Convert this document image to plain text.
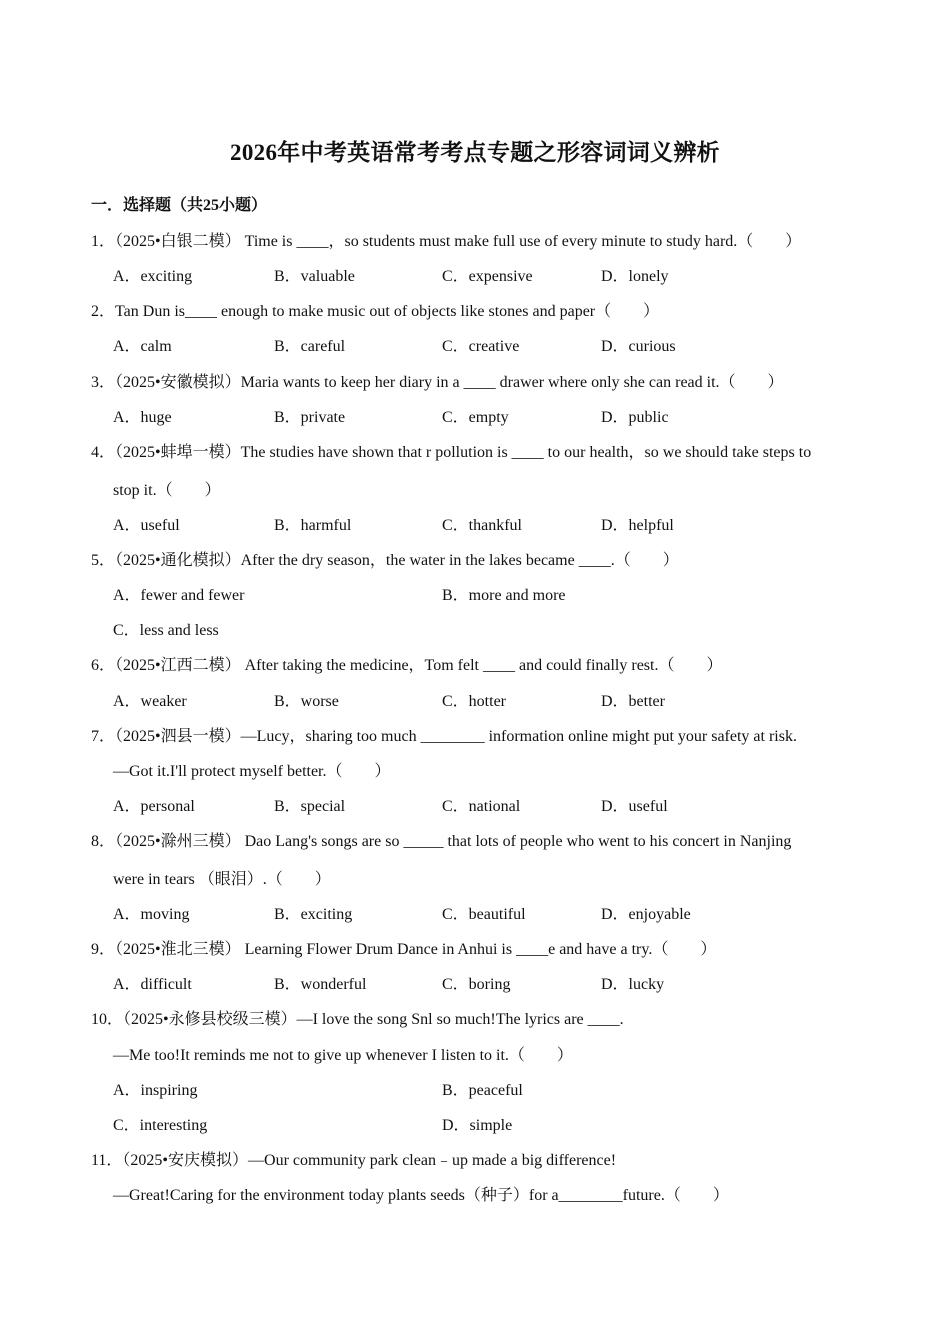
2026年中考英语常考考点专题之形容词词义辨析
一．选择题（共25小题）
1．（2025•白银二模） Time is ____，so students must make full use of every minute to study hard.（　　）
A．exciting	B．valuable	C．expensive	D．lonely
2．Tan Dun is____ enough to make music out of objects like stones and paper（　　）
A．calm	B．careful	C．creative	D．curious
3．（2025•安徽模拟）Maria wants to keep her diary in a ____ drawer where only she can read it.（　　）
A．huge	B．private	C．empty	D．public
4．（2025•蚌埠一模）The studies have shown that r pollution is ____ to our health，so we should take steps to
stop it.（　　）
A．useful	B．harmful	C．thankful	D．helpful
5．（2025•通化模拟）After the dry season，the water in the lakes became ____.（　　）
A．fewer and fewer	B．more and more
C．less and less
6．（2025•江西二模） After taking the medicine，Tom felt ____ and could finally rest.（　　）
A．weaker	B．worse	C．hotter	D．better
7．（2025•泗县一模）—Lucy，sharing too much ________ information online might put your safety at risk.
—Got it.I'll protect myself better.（　　）
A．personal	B．special	C．national	D．useful
8．（2025•滁州三模） Dao Lang's songs are so _____ that lots of people who went to his concert in Nanjing
were in tears （眼泪）.（　　）
A．moving	B．exciting	C．beautiful	D．enjoyable
9．（2025•淮北三模） Learning Flower Drum Dance in Anhui is ____e and have a try.（　　）
A．difficult	B．wonderful	C．boring	D．lucky
10．（2025•永修县校级三模）—I love the song Snl so much!The lyrics are ____.
—Me too!It reminds me not to give up whenever I listen to it.（　　）
A．inspiring	B．peaceful
C．interesting	D．simple
11．（2025•安庆模拟）—Our community park clean﹣up made a big difference!
—Great!Caring for the environment today plants seeds（种子）for a________future.（　　）
